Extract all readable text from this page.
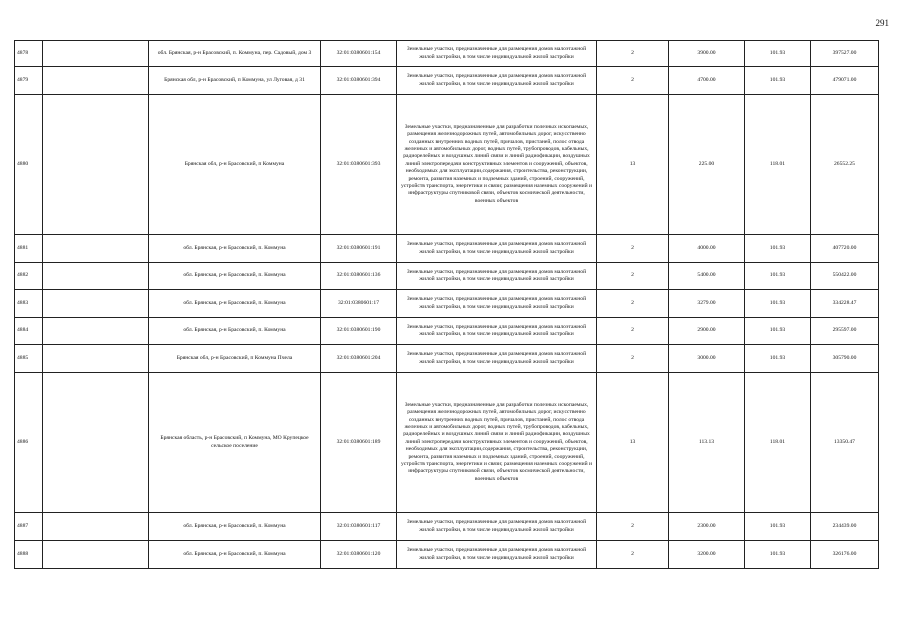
291
4878		обл. Брянская, р-н Брасовский, п. Коммуна, пер. Садовый, дом 3	32:01:0380601:154	Земельные участки, предназначенные для размещения домов малоэтажной жилой застройки, в том числе индивидуальной жилой застройки	2	3900.00	101.93	397527.00
4879		Брянская обл, р-н Брасовский, п Коммуна, ул Луговая, д 31	32:01:0380601:394	Земельные участки, предназначенные для размещения домов малоэтажной жилой застройки, в том числе индивидуальной жилой застройки	2	4700.00	101.93	479071.00
4880		Брянская обл, р-н Брасовский, п Коммуна	32:01:0380601:393	Земельные участки, предназначенные для разработки полезных ископаемых, размещения железнодорожных путей, автомобильных дорог, искусственно созданных внутренних водных путей, причалов, пристаней, полос отвода железных и автомобильных дорог, водных путей, трубопроводов, кабельных, радиорелейных и воздушных линий связи и линий радиофикации, воздушных линий электропередачи конструктивных элементов и сооружений, объектов, необходимых для эксплуатации,содержания, строительства, реконструкции, ремонта, развития наземных и подземных зданий, строений, сооружений, устройств транспорта, энергетики и связи; размещения наземных сооружений и инфраструктуры спутниковой связи, объектов космической деятельности, военных объектов	13	225.00	118.01	26552.25
4881		обл. Брянская, р-н Брасовский, п. Коммуна	32:01:0380601:191	Земельные участки, предназначенные для размещения домов малоэтажной жилой застройки, в том числе индивидуальной жилой застройки	2	4000.00	101.93	407720.00
4882		обл. Брянская, р-н Брасовский, п. Коммуна	32:01:0380601:136	Земельные участки, предназначенные для размещения домов малоэтажной жилой застройки, в том числе индивидуальной жилой застройки	2	5400.00	101.93	550422.00
4883		обл. Брянская, р-н Брасовский, п. Коммуна	32:01:0380601:17	Земельные участки, предназначенные для размещения домов малоэтажной жилой застройки, в том числе индивидуальной жилой застройки	2	3279.00	101.93	334228.47
4884		обл. Брянская, р-н Брасовский, п. Коммуна	32:01:0380601:190	Земельные участки, предназначенные для размещения домов малоэтажной жилой застройки, в том числе индивидуальной жилой застройки	2	2900.00	101.93	295597.00
4885		Брянская обл, р-н Брасовский, п Коммуна Пчела	32:01:0380601:204	Земельные участки, предназначенные для размещения домов малоэтажной жилой застройки, в том числе индивидуальной жилой застройки	2	3000.00	101.93	305790.00
4886		Брянская область, р-н Брасовский, п Коммуна, МО Крупецкое сельское поселение	32:01:0380601:189	Земельные участки, предназначенные для разработки полезных ископаемых, размещения железнодорожных путей, автомобильных дорог, искусственно созданных внутренних водных путей, причалов, пристаней, полос отвода железных и автомобильных дорог, водных путей, трубопроводов, кабельных, радиорелейных и воздушных линий связи и линий радиофикации, воздушных линий электропередачи конструктивных элементов и сооружений, объектов, необходимых для эксплуатации,содержания, строительства, реконструкции, ремонта, развития наземных и подземных зданий, строений, сооружений, устройств транспорта, энергетики и связи; размещения наземных сооружений и инфраструктуры спутниковой связи, объектов космической деятельности, военных объектов	13	113.13	118.01	13350.47
4887		обл. Брянская, р-н Брасовский, п. Коммуна	32:01:0380601:117	Земельные участки, предназначенные для размещения домов малоэтажной жилой застройки, в том числе индивидуальной жилой застройки	2	2300.00	101.93	234439.00
4888		обл. Брянская, р-н Брасовский, п. Коммуна	32:01:0380601:120	Земельные участки, предназначенные для размещения домов малоэтажной жилой застройки, в том числе индивидуальной жилой застройки	2	3200.00	101.93	326176.00
